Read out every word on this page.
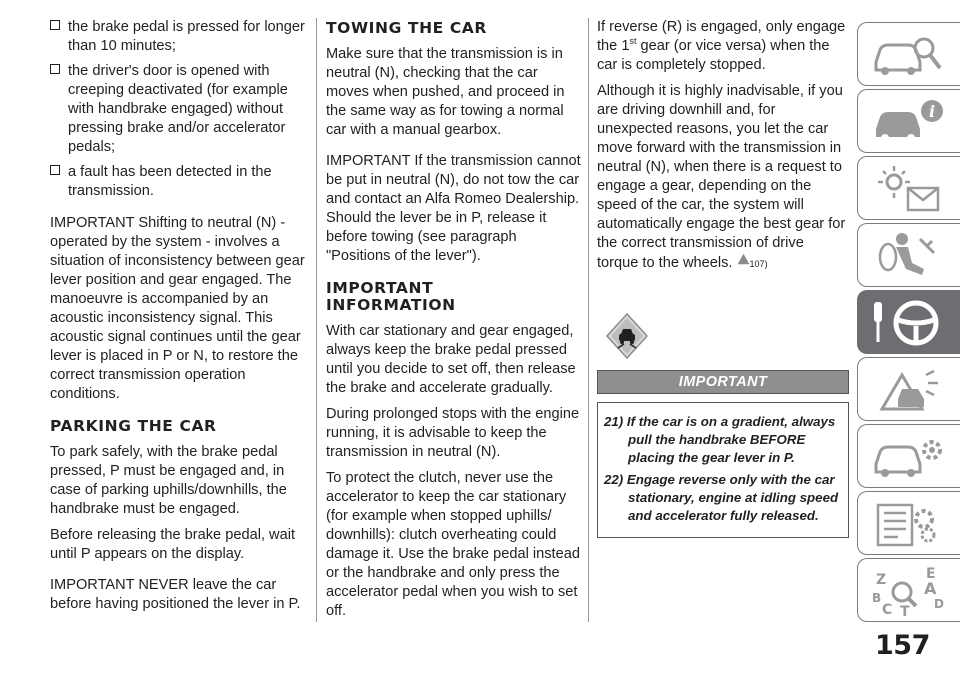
the brake pedal is pressed for longer than 10 minutes;
the driver's door is opened with creeping deactivated (for example with handbrake engaged) without pressing brake and/or accelerator pedals;
a fault has been detected in the transmission.

IMPORTANT Shifting to neutral (N) - operated by the system - involves a situation of inconsistency between gear lever position and gear engaged. The manoeuvre is accompanied by an acoustic inconsistency signal. This acoustic signal continues until the gear lever is placed in P or N, to restore the correct transmission operation conditions.

PARKING THE CAR

To park safely, with the brake pedal pressed, P must be engaged and, in case of parking uphills/downhills, the handbrake must be engaged.

Before releasing the brake pedal, wait until P appears on the display.

IMPORTANT NEVER leave the car before having positioned the lever in P.

TOWING THE CAR

Make sure that the transmission is in neutral (N), checking that the car moves when pushed, and proceed in the same way as for towing a normal car with a manual gearbox.

IMPORTANT If the transmission cannot be put in neutral (N), do not tow the car and contact an Alfa Romeo Dealership. Should the lever be in P, release it before towing (see paragraph "Positions of the lever").

IMPORTANT INFORMATION

With car stationary and gear engaged, always keep the brake pedal pressed until you decide to set off, then release the brake and accelerate gradually.

During prolonged stops with the engine running, it is advisable to keep the transmission in neutral (N).

To protect the clutch, never use the accelerator to keep the car stationary (for example when stopped uphills/ downhills): clutch overheating could damage it. Use the brake pedal instead or the handbrake and only press the accelerator pedal when you wish to set off.

If reverse (R) is engaged, only engage the 1st gear (or vice versa) when the car is completely stopped.

Although it is highly inadvisable, if you are driving downhill and, for unexpected reasons, you let the car move forward with the transmission in neutral (N), when there is a request to engage a gear, depending on the speed of the car, the system will automatically engage the best gear for the correct transmission of drive torque to the wheels. 107)

IMPORTANT
21) If the car is on a gradient, always pull the handbrake BEFORE placing the gear lever in P.
22) Engage reverse only with the car stationary, engine at idling speed and accelerator fully released.
i
Z	E
A
B
C T D
157
